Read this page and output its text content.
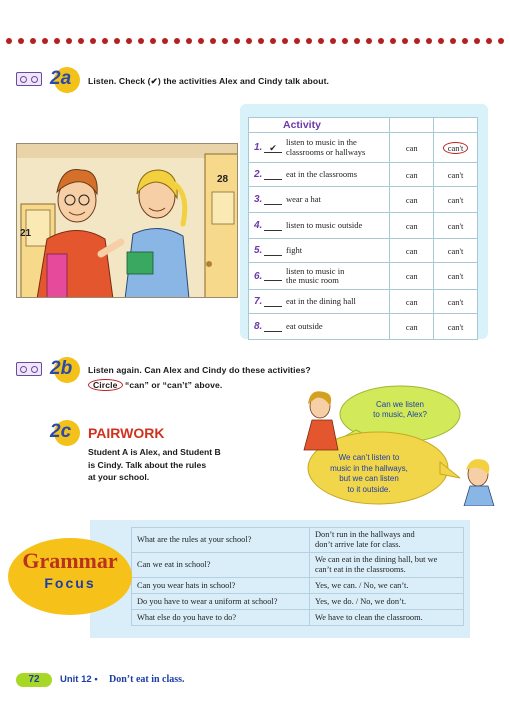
2a Listen. Check (✔) the activities Alex and Cindy talk about.
28
21
Activity		

1. ✔
listen to music in the
classrooms or hallways	can	can't

2. eat in the classrooms	can	can't

3. wear a hat	can	can't

4. listen to music outside	can	can't

5. fight	can	can't

6. listen to music in
the music room	can	can't

7. eat in the dining hall	can	can't

8. eat outside	can	can't
2b Listen again. Can Alex and Cindy do these activities?
Circle “can” or “can’t” above.
2c PAIRWORK
Student A is Alex, and Student B
is Cindy. Talk about the rules
at your school.
Can we listen
to music, Alex?
We can’t listen to
music in the hallways,
but we can listen
to it outside.
What are the rules at your school?	Don’t run in the hallways and
don’t arrive late for class.

Can we eat in school?	We can eat in the dining hall, but we
can’t eat in the classrooms.

Can you wear hats in school?	Yes, we can. / No, we can’t.

Do you have to wear a uniform at school?	Yes, we do. / No, we don’t.

What else do you have to do?	We have to clean the classroom.
Grammar
Focus
72	Unit 12 • Don’t eat in class.
